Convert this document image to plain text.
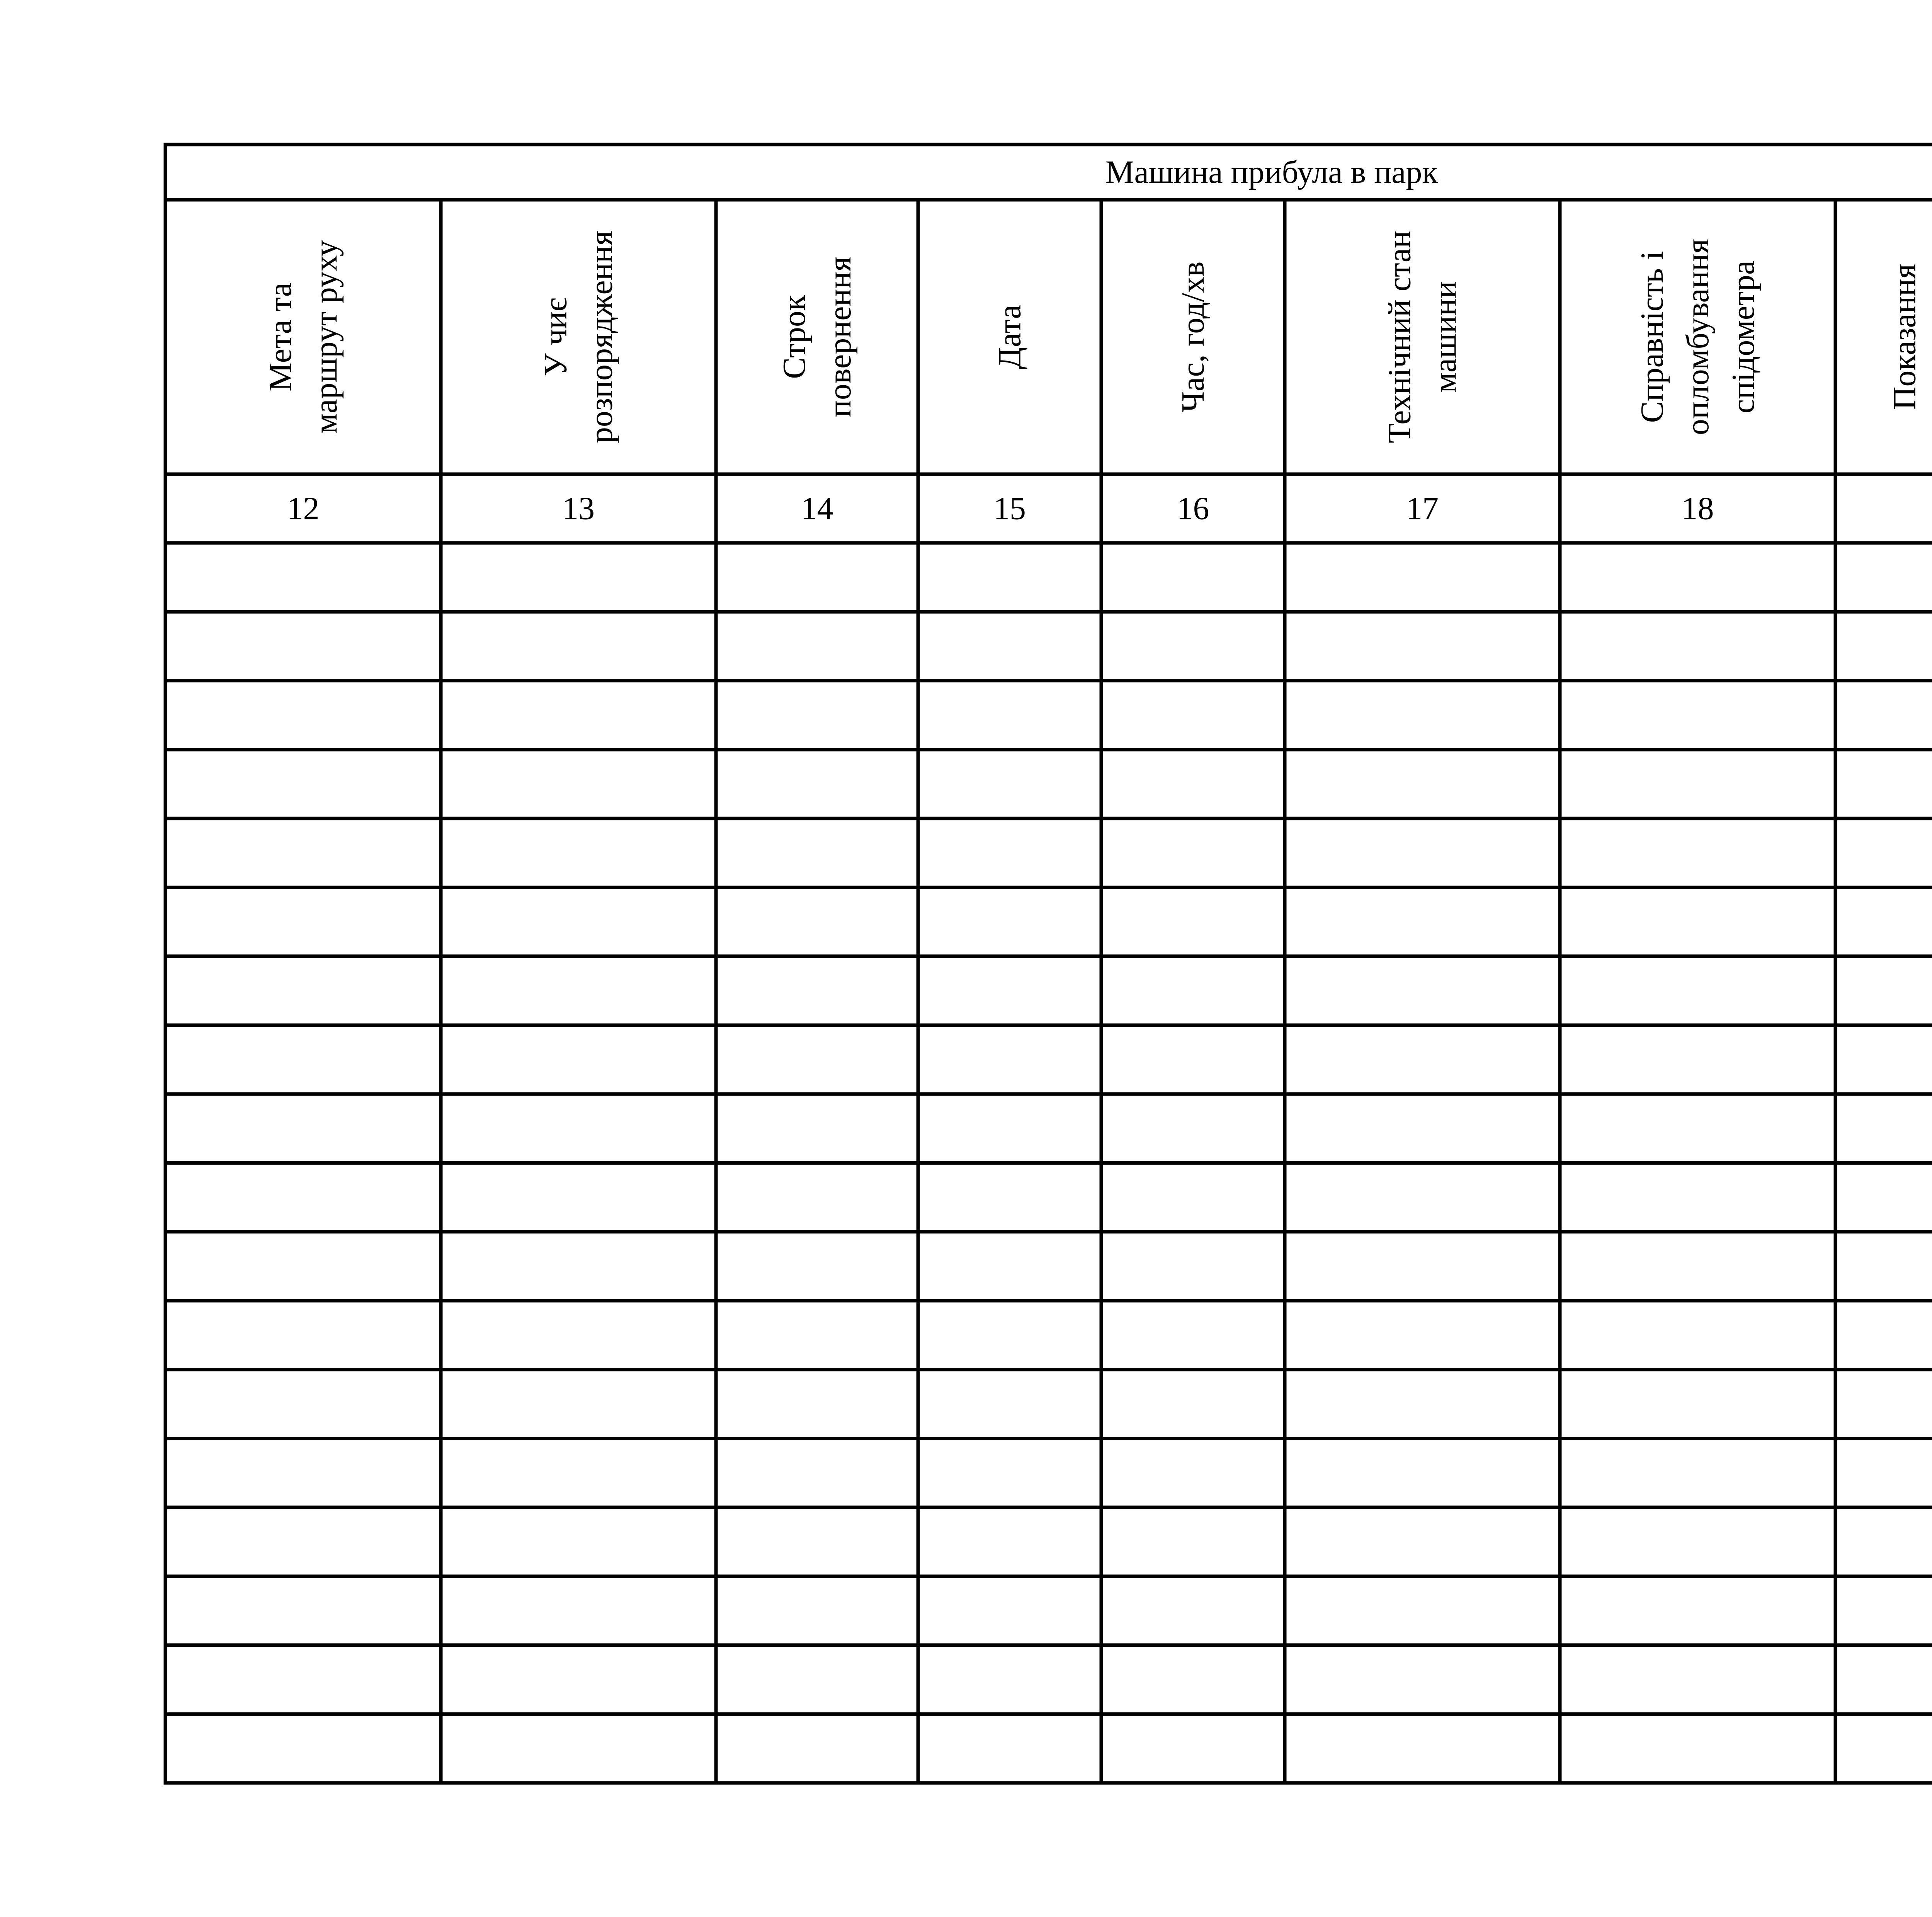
Машина прибула в парк
Мета та маршрут руху
12
У чиє розпорядження
13
Строк повернення
14
Дата
15
Час, год/хв
16
Технічний стан машини
17
Справність і опломбування спідометра
18
Показання
